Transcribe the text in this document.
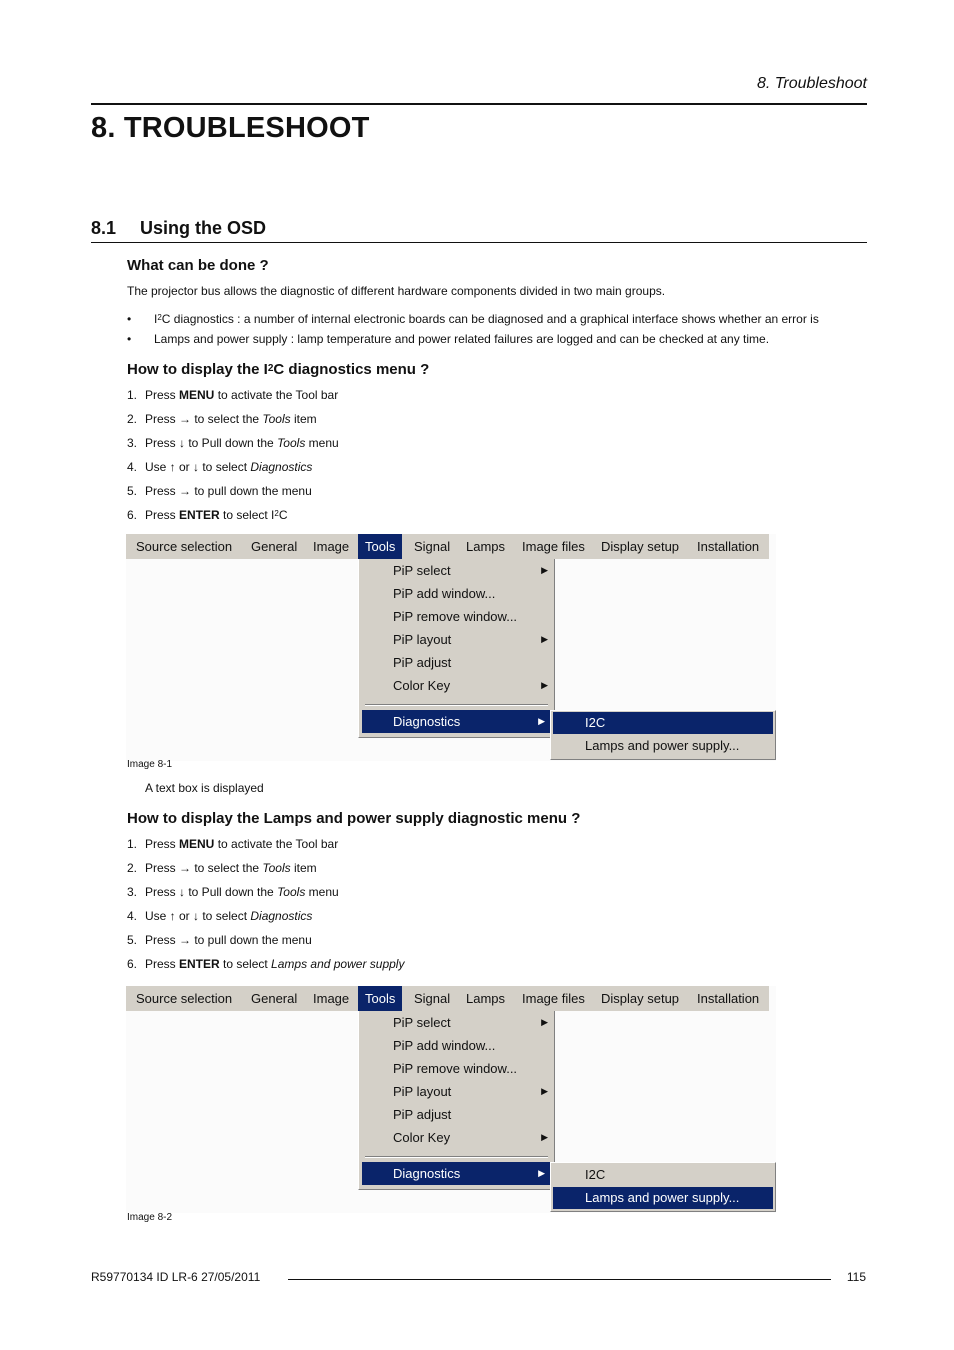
8. Troubleshoot
8. TROUBLESHOOT
8.1 Using the OSD
What can be done ?
The projector bus allows the diagnostic of different hardware components divided in two main groups.
• $I^2C$ diagnostics : a number of internal electronic boards can be diagnosed and a graphical interface shows whether an error is
• Lamps and power supply : lamp temperature and power related failures are logged and can be checked at any time.
How to display the $I^2C$ diagnostics menu ?
6. Press ENTER to select $I^2C$
5. Press → to pull down the menu
4. Use ↑ or ↓ to select Diagnostics
3. Press ↓ to Pull down the Tools menu
2. Press → to select the Tools item
1. Press MENU to activate the Tool bar
Source selection General Image	Tools	Signal Lamps Image files Display setup Installation
PiP select	▶
PiP add window...
PiP remove window...
PiP layout	▶
PiP adjust
Color Key	▶
Diagnostics	▶	I2C
Lamps and power supply...
Image 8-1
A text box is displayed
How to display the Lamps and power supply diagnostic menu ?
6. Press ENTER to select Lamps and power supply
5. Press → to pull down the menu
4. Use ↑ or ↓ to select Diagnostics
3. Press ↓ to Pull down the Tools menu
2. Press → to select the Tools item
1. Press MENU to activate the Tool bar
Source selection General Image	Tools	Signal Lamps Image files Display setup Installation
PiP select	▶
PiP add window...
PiP remove window...
PiP layout	▶
PiP adjust
Color Key	▶
Diagnostics	▶	I2C
Lamps and power supply...
Image 8-2
R59770134 ID LR-6 27/05/2011	115
